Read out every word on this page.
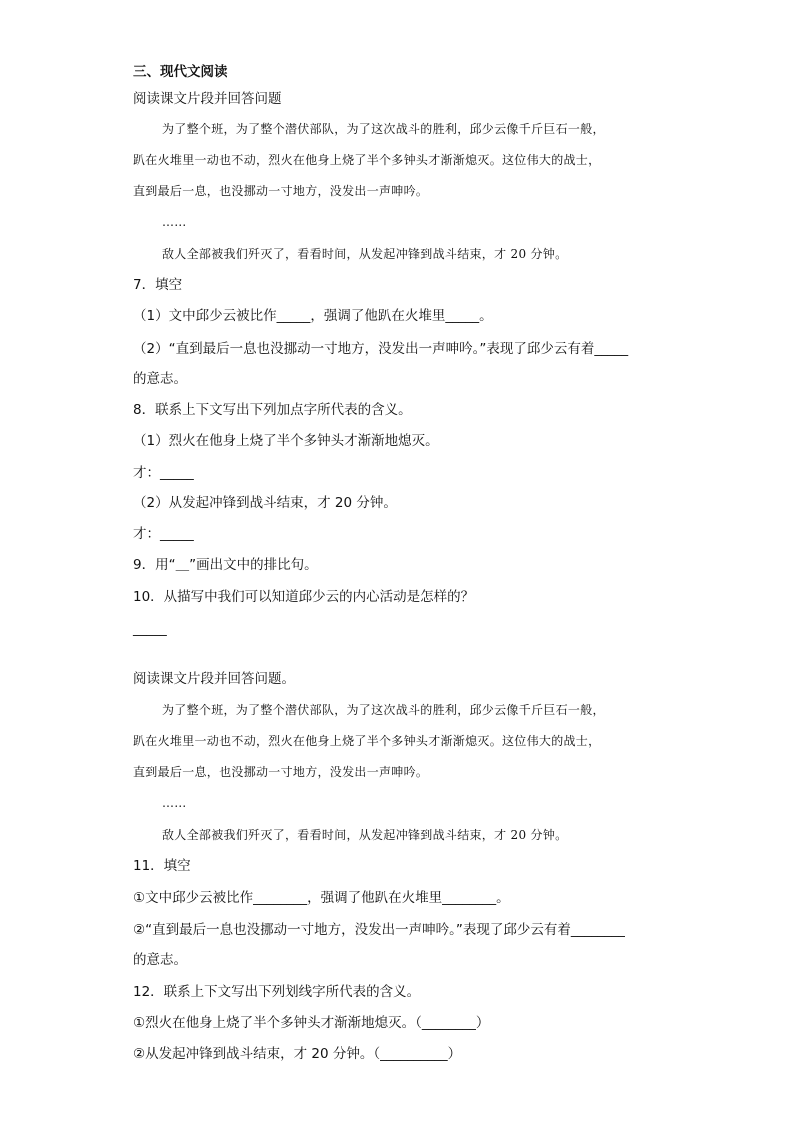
三、现代文阅读
阅读课文片段并回答问题
为了整个班，为了整个潜伏部队，为了这次战斗的胜利，邱少云像千斤巨石一般，
趴在火堆里一动也不动，烈火在他身上烧了半个多钟头才渐渐熄灭。这位伟大的战士，
直到最后一息，也没挪动一寸地方，没发出一声呻吟。
……
敌人全部被我们歼灭了，看看时间，从发起冲锋到战斗结束，才 20 分钟。
7．填空
（1）文中邱少云被比作_____，强调了他趴在火堆里_____。
（2）“直到最后一息也没挪动一寸地方，没发出一声呻吟。”表现了邱少云有着_____
的意志。
8．联系上下文写出下列加点字所代表的含义。
（1）烈火在他身上烧了半个多钟头才渐渐地熄灭。
才：_____
（2）从发起冲锋到战斗结束，才 20 分钟。
才：_____
9．用“＿”画出文中的排比句。
10．从描写中我们可以知道邱少云的内心活动是怎样的？
_____
阅读课文片段并回答问题。
为了整个班，为了整个潜伏部队，为了这次战斗的胜利，邱少云像千斤巨石一般，
趴在火堆里一动也不动，烈火在他身上烧了半个多钟头才渐渐熄灭。这位伟大的战士，
直到最后一息，也没挪动一寸地方，没发出一声呻吟。
……
敌人全部被我们歼灭了，看看时间，从发起冲锋到战斗结束，才 20 分钟。
11．填空
①文中邱少云被比作________，强调了他趴在火堆里________。
②“直到最后一息也没挪动一寸地方，没发出一声呻吟。”表现了邱少云有着________
的意志。
12．联系上下文写出下列划线字所代表的含义。
①烈火在他身上烧了半个多钟头才渐渐地熄灭。（________）
②从发起冲锋到战斗结束，才 20 分钟。（__________）
